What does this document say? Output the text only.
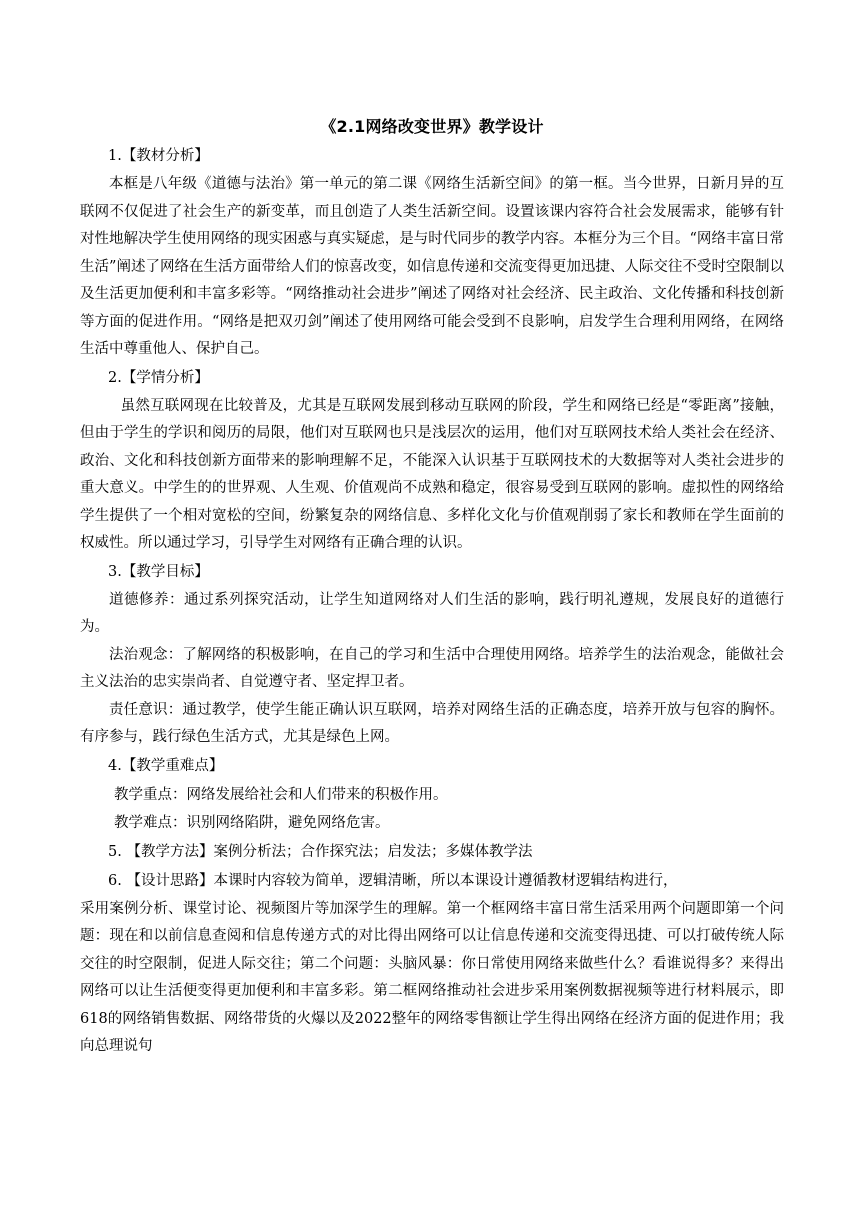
《2.1网络改变世界》教学设计

1.【教材分析】

本框是八年级《道德与法治》第一单元的第二课《网络生活新空间》的第一框。当今世界，日新月异的互联网不仅促进了社会生产的新变革，而且创造了人类生活新空间。设置该课内容符合社会发展需求，能够有针对性地解决学生使用网络的现实困惑与真实疑虑，是与时代同步的教学内容。本框分为三个目。“网络丰富日常生活”阐述了网络在生活方面带给人们的惊喜改变，如信息传递和交流变得更加迅捷、人际交往不受时空限制以及生活更加便利和丰富多彩等。“网络推动社会进步”阐述了网络对社会经济、民主政治、文化传播和科技创新等方面的促进作用。“网络是把双刃剑”阐述了使用网络可能会受到不良影响，启发学生合理利用网络，在网络生活中尊重他人、保护自己。

2.【学情分析】

虽然互联网现在比较普及，尤其是互联网发展到移动互联网的阶段，学生和网络已经是“零距离”接触，但由于学生的学识和阅历的局限，他们对互联网也只是浅层次的运用，他们对互联网技术给人类社会在经济、政治、文化和科技创新方面带来的影响理解不足，不能深入认识基于互联网技术的大数据等对人类社会进步的重大意义。中学生的的世界观、人生观、价值观尚不成熟和稳定，很容易受到互联网的影响。虚拟性的网络给学生提供了一个相对宽松的空间，纷繁复杂的网络信息、多样化文化与价值观削弱了家长和教师在学生面前的权威性。所以通过学习，引导学生对网络有正确合理的认识。

3.【教学目标】

道德修养：通过系列探究活动，让学生知道网络对人们生活的影响，践行明礼遵规，发展良好的道德行为。

法治观念：了解网络的积极影响，在自己的学习和生活中合理使用网络。培养学生的法治观念，能做社会主义法治的忠实崇尚者、自觉遵守者、坚定捍卫者。

责任意识：通过教学，使学生能正确认识互联网，培养对网络生活的正确态度，培养开放与包容的胸怀。有序参与，践行绿色生活方式，尤其是绿色上网。

4.【教学重难点】

教学重点：网络发展给社会和人们带来的积极作用。

教学难点：识别网络陷阱，避免网络危害。

5. 【教学方法】案例分析法；合作探究法；启发法；多媒体教学法

6. 【设计思路】本课时内容较为简单，逻辑清晰，所以本课设计遵循教材逻辑结构进行，

采用案例分析、课堂讨论、视频图片等加深学生的理解。第一个框网络丰富日常生活采用两个问题即第一个问题：现在和以前信息查阅和信息传递方式的对比得出网络可以让信息传递和交流变得迅捷、可以打破传统人际交往的时空限制，促进人际交往；第二个问题：头脑风暴：你日常使用网络来做些什么？看谁说得多？来得出网络可以让生活便变得更加便利和丰富多彩。第二框网络推动社会进步采用案例数据视频等进行材料展示，即618的网络销售数据、网络带货的火爆以及2022整年的网络零售额让学生得出网络在经济方面的促进作用；我向总理说句
